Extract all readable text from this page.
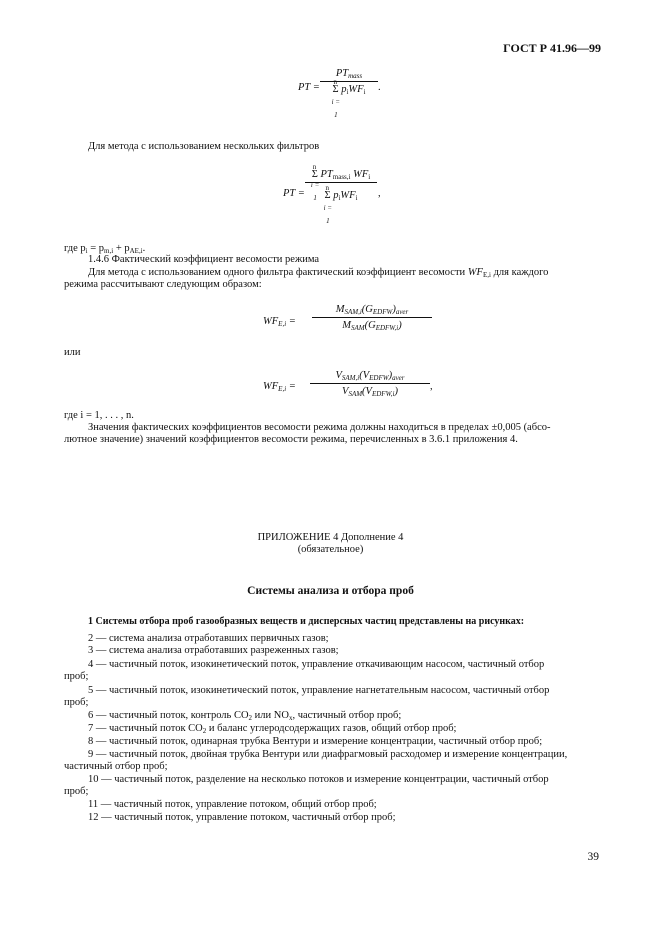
ГОСТ Р 41.96—99
PT =
$PT_{mass}$
n
Σ
i = 1
$p_iWF_i$	.
Для метода с использованием нескольких фильтров
PT =
n
Σ
i = 1
$PT_{mass,i}$ $WF_i$
n
Σ
i = 1
$p_iWF_i$	,
где $p_i = p_{m,i} + p_{AE,i}$.
1.4.6 Фактический коэффициент весомости режима
Для метода с использованием одного фильтра фактический коэффициент весомости $WF_{E,i}$ для каждого
режима рассчитывают следующим образом:
$WF_{E,i}$ =
$M_{SAM,i}(G_{EDFW})_{aver}$
$M_{SAM}(G_{EDFW,i})$
или
$WF_{E,i}$ =
$V_{SAM,i}(V_{EDFW})_{aver}$
$V_{SAM}(V_{EDFW,i})$	,
где i = 1, . . . , n.
Значения фактических коэффициентов весомости режима должны находиться в пределах ±0,005 (абсо-
лютное значение) значений коэффициентов весомости режима, перечисленных в 3.6.1 приложения 4.
ПРИЛОЖЕНИЕ 4 Дополнение 4
(обязательное)
Системы анализа и отбора проб
1 Системы отбора проб газообразных веществ и дисперсных частиц представлены на рисунках:
2 — система анализа отработавших первичных газов;
3 — система анализа отработавших разреженных газов;
4 — частичный поток, изокинетический поток, управление откачивающим насосом, частичный отбор
проб;
5 — частичный поток, изокинетический поток, управление нагнетательным насосом, частичный отбор
проб;
6 — частичный поток, контроль $CO_2$ или $NO_x$, частичный отбор проб;
7 — частичный поток $CO_2$ и баланс углеродсодержащих газов, общий отбор проб;
8 — частичный поток, одинарная трубка Вентури и измерение концентрации, частичный отбор проб;
9 — частичный поток, двойная трубка Вентури или диафрагмовый расходомер и измерение концентрации,
частичный отбор проб;
10 — частичный поток, разделение на несколько потоков и измерение концентрации, частичный отбор
проб;
11 — частичный поток, управление потоком, общий отбор проб;
12 — частичный поток, управление потоком, частичный отбор проб;
39
